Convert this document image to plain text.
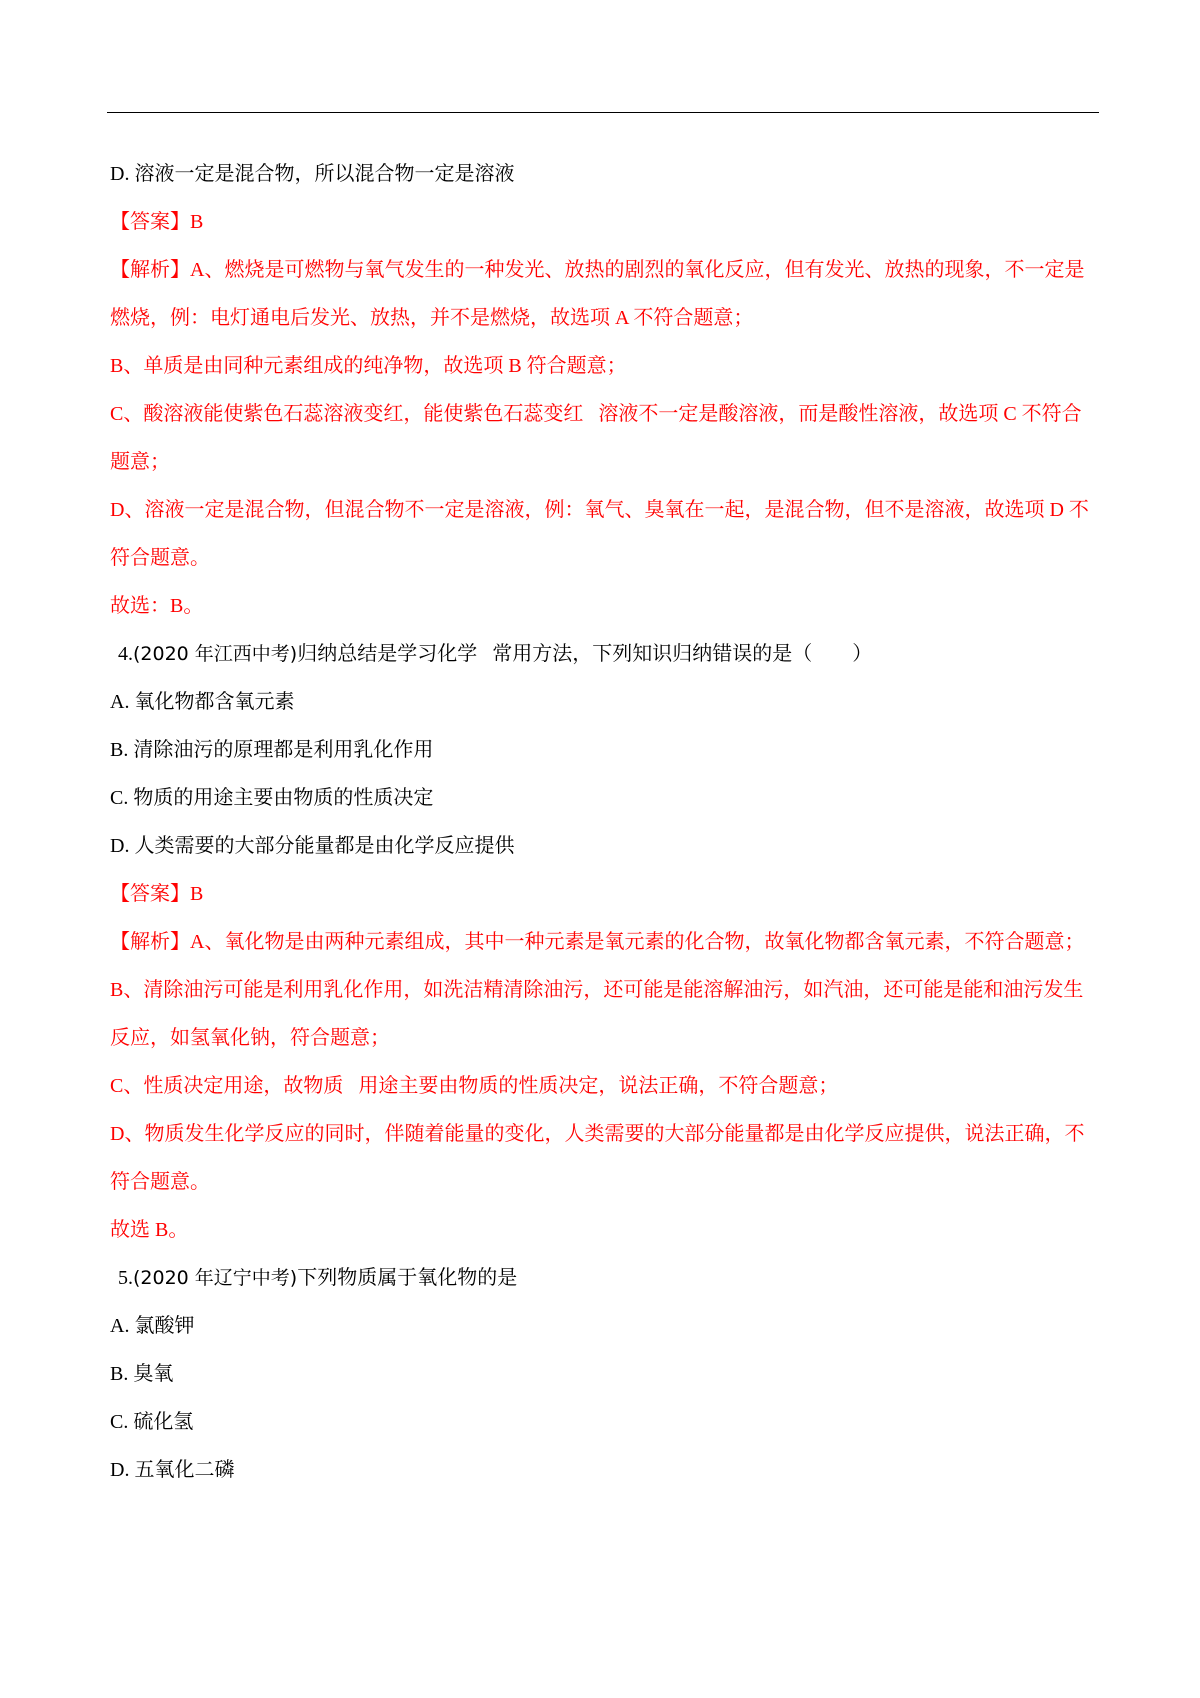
D. 溶液一定是混合物，所以混合物一定是溶液
【答案】B
【解析】A、燃烧是可燃物与氧气发生的一种发光、放热的剧烈的氧化反应，但有发光、放热的现象，不一定是燃烧，例：电灯通电后发光、放热，并不是燃烧，故选项 A 不符合题意；
B、单质是由同种元素组成的纯净物，故选项 B 符合题意；
C、酸溶液能使紫色石蕊溶液变红，能使紫色石蕊变红   溶液不一定是酸溶液，而是酸性溶液，故选项 C 不符合题意；
D、溶液一定是混合物，但混合物不一定是溶液，例：氧气、臭氧在一起，是混合物，但不是溶液，故选项 D 不符合题意。
故选：B。
4.(2020 年江西中考)归纳总结是学习化学   常用方法，下列知识归纳错误的是（        ）
A. 氧化物都含氧元素
B. 清除油污的原理都是利用乳化作用
C. 物质的用途主要由物质的性质决定
D. 人类需要的大部分能量都是由化学反应提供
【答案】B
【解析】A、氧化物是由两种元素组成，其中一种元素是氧元素的化合物，故氧化物都含氧元素，不符合题意；
B、清除油污可能是利用乳化作用，如洗洁精清除油污，还可能是能溶解油污，如汽油，还可能是能和油污发生反应，如氢氧化钠，符合题意；
C、性质决定用途，故物质   用途主要由物质的性质决定，说法正确，不符合题意；
D、物质发生化学反应的同时，伴随着能量的变化，人类需要的大部分能量都是由化学反应提供，说法正确，不符合题意。
故选 B。
5.(2020 年辽宁中考)下列物质属于氧化物的是
A. 氯酸钾
B. 臭氧
C. 硫化氢
D. 五氧化二磷
